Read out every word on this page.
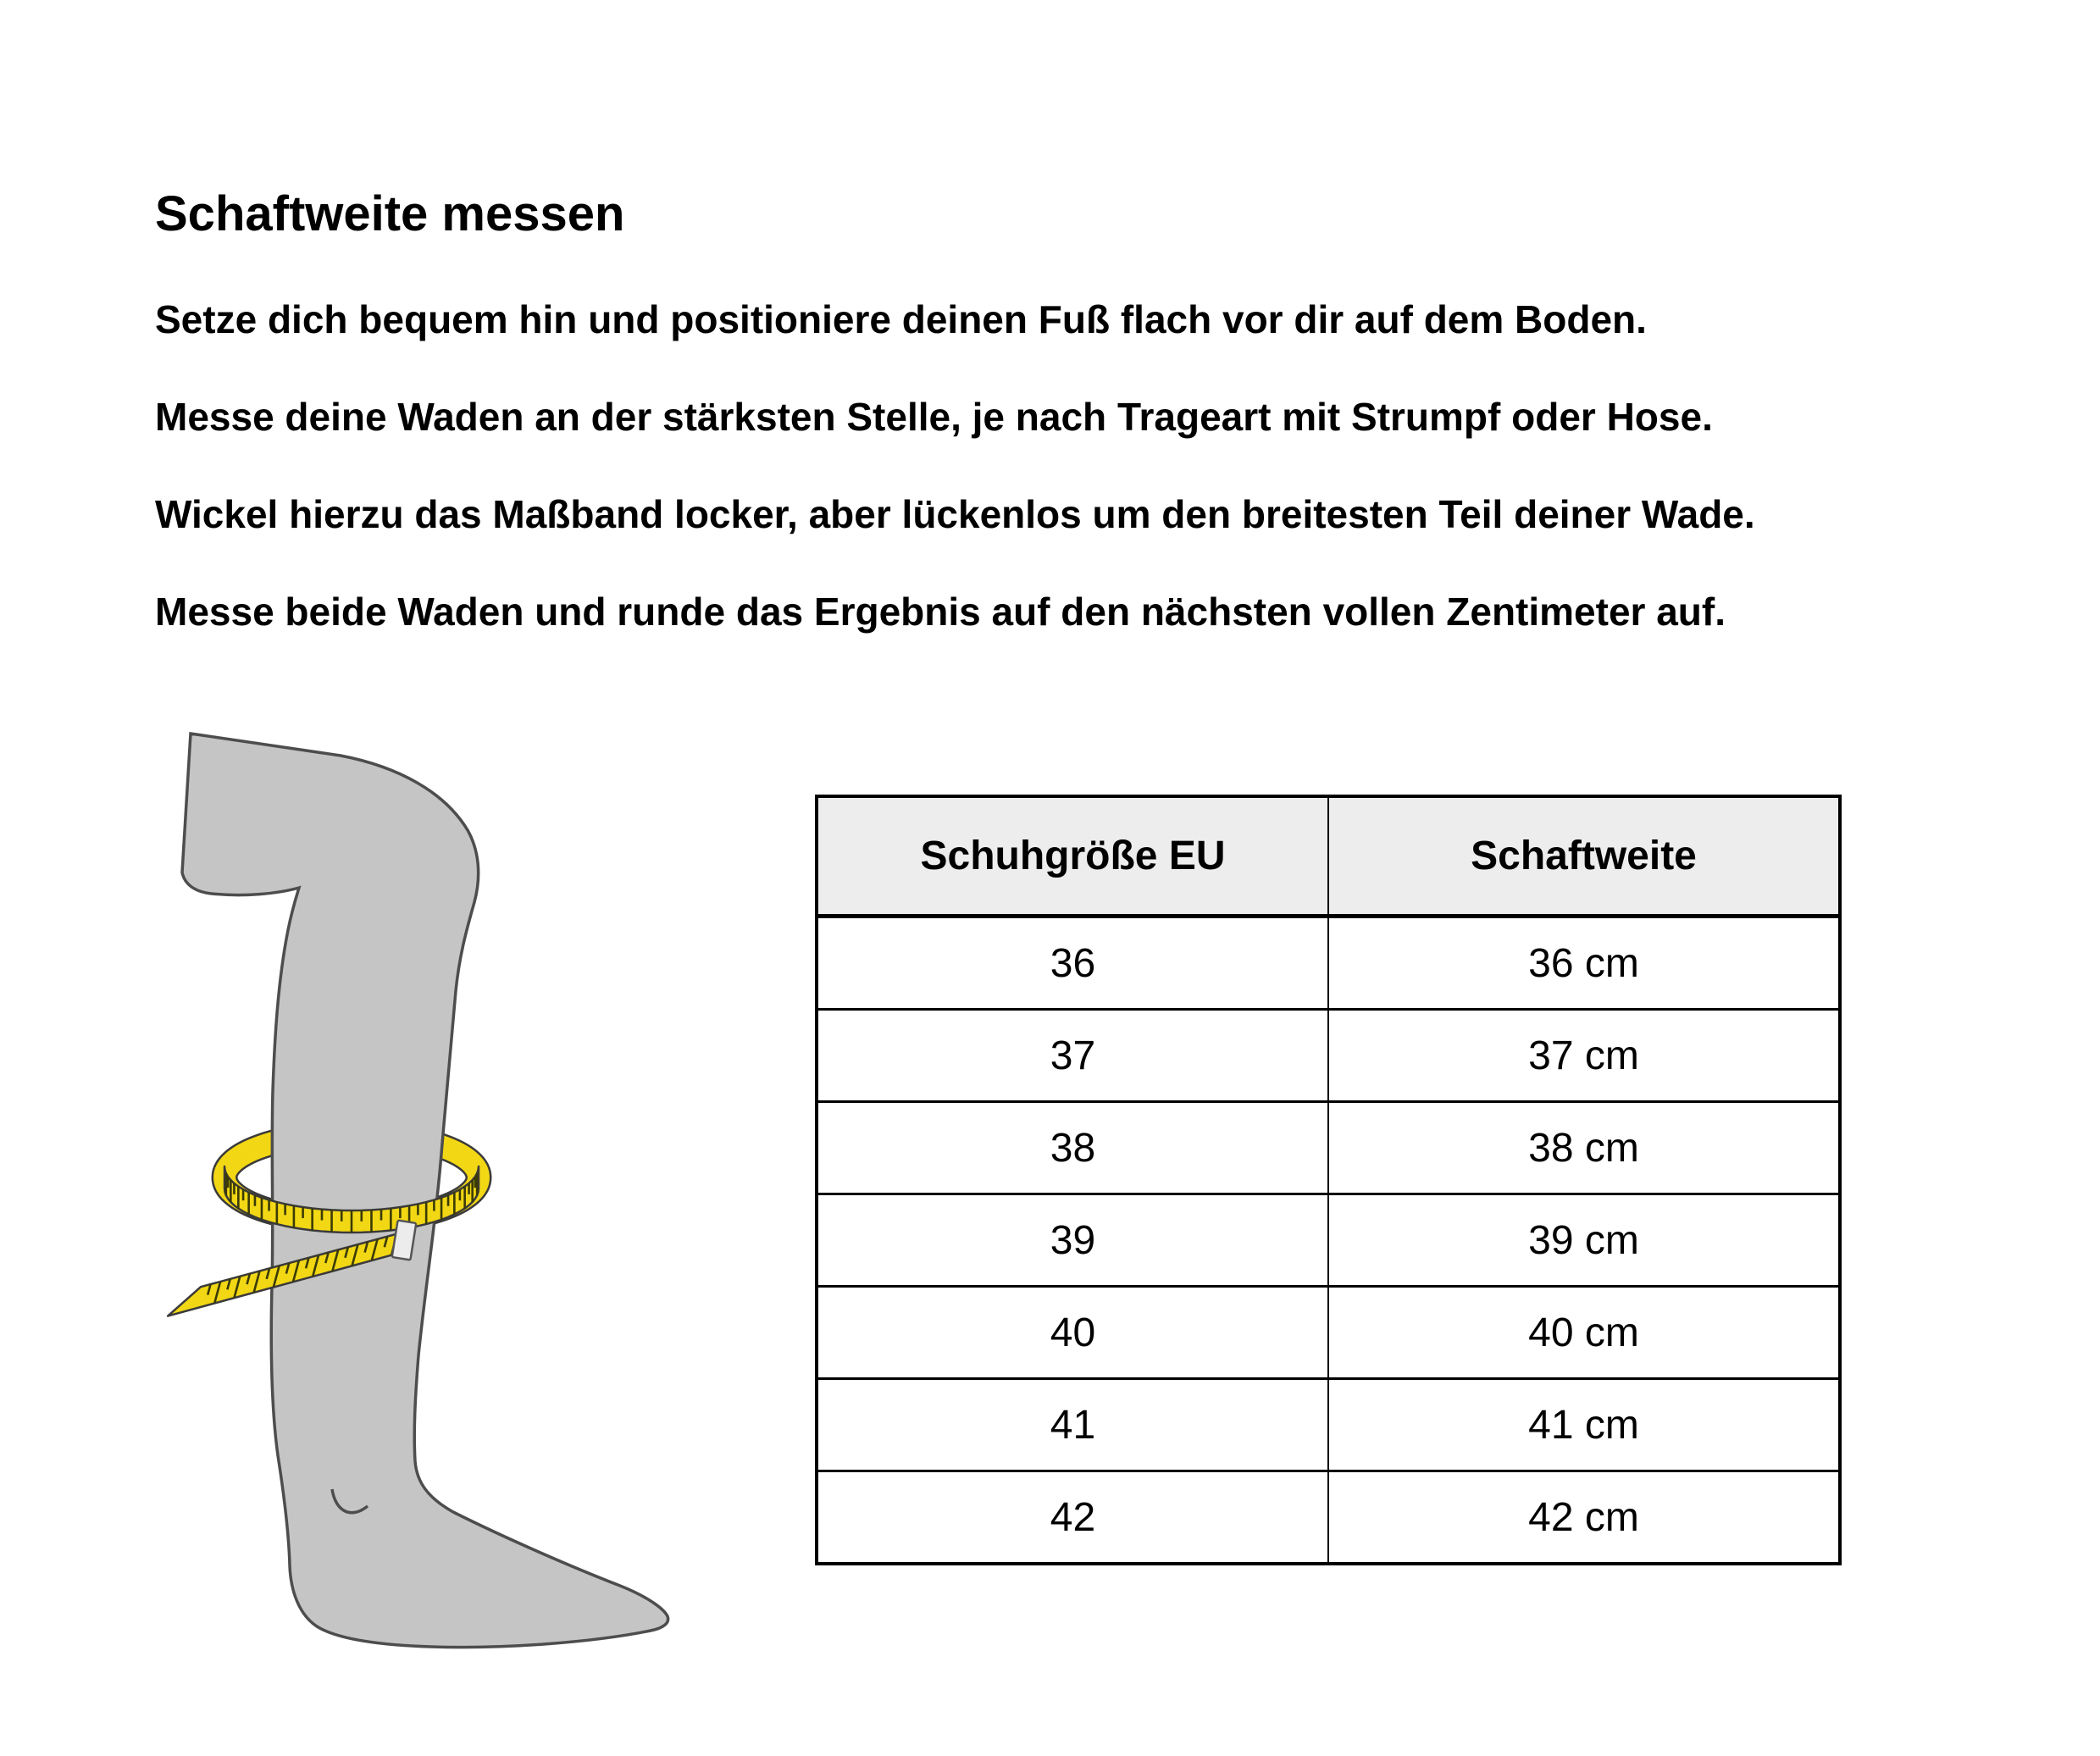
Schaftweite messen

Setze dich bequem hin und positioniere deinen Fuß flach vor dir auf dem Boden.

Messe deine Waden an der stärksten Stelle, je nach Trageart mit Strumpf oder Hose.

Wickel hierzu das Maßband locker, aber lückenlos um den breitesten Teil deiner Wade.

Messe beide Waden und runde das Ergebnis auf den nächsten vollen Zentimeter auf.

Schuhgröße EU	Schaftweite
36	36 cm
37	37 cm
38	38 cm
39	39 cm
40	40 cm
41	41 cm
42	42 cm
